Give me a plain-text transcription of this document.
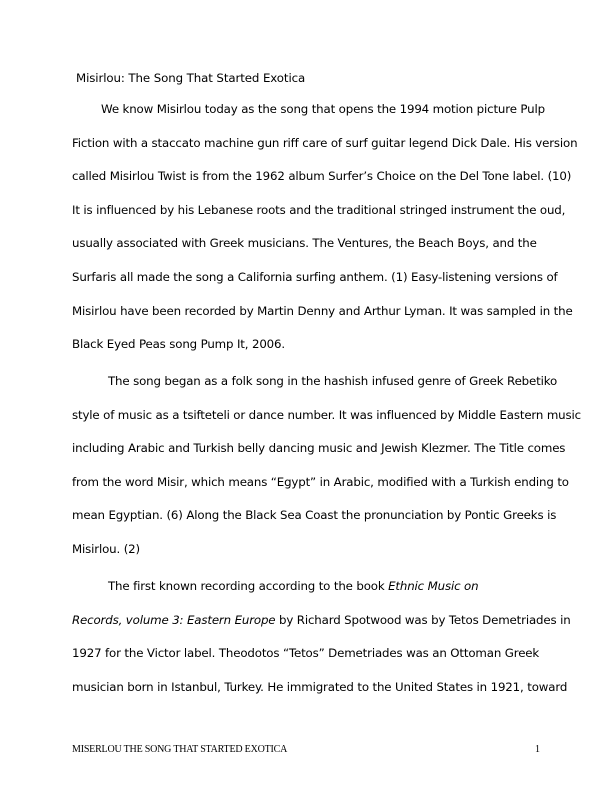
Misirlou: The Song That Started Exotica
We know Misirlou today as the song that opens the 1994 motion picture Pulp
Fiction with a staccato machine gun riff care of surf guitar legend Dick Dale. His version
called Misirlou Twist is from the 1962 album Surfer’s Choice on the Del Tone label. (10)
It is influenced by his Lebanese roots and the traditional stringed instrument the oud,
usually associated with Greek musicians. The Ventures, the Beach Boys, and the
Surfaris all made the song a California surfing anthem. (1) Easy-listening versions of
Misirlou have been recorded by Martin Denny and Arthur Lyman. It was sampled in the
Black Eyed Peas song Pump It, 2006.
The song began as a folk song in the hashish infused genre of Greek Rebetiko
style of music as a tsifteteli or dance number. It was influenced by Middle Eastern music
including Arabic and Turkish belly dancing music and Jewish Klezmer. The Title comes
from the word Misir, which means “Egypt” in Arabic, modified with a Turkish ending to
mean Egyptian. (6) Along the Black Sea Coast the pronunciation by Pontic Greeks is
Misirlou. (2)
The first known recording according to the book Ethnic Music on
Records, volume 3: Eastern Europe by Richard Spotwood was by Tetos Demetriades in
1927 for the Victor label. Theodotos “Tetos” Demetriades was an Ottoman Greek
musician born in Istanbul, Turkey. He immigrated to the United States in 1921, toward
MISERLOU THE SONG THAT STARTED EXOTICA	1
